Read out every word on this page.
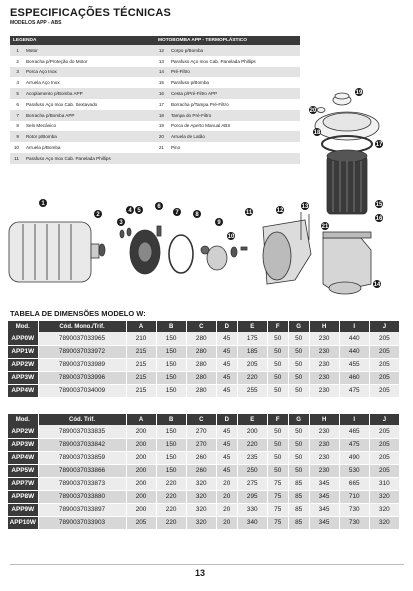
ESPECIFICAÇÕES TÉCNICAS
MODELOS APP - ABS
LEGENDA		MOTOBOMBA APP - TERMOPLÁSTICO	
1	Motor	12	Corpo p/Bomba
2	Borracha p/Proteção do Motor	13	Parafuso Aço Inox Cab. Panelada Phillips
3	Porca Aço Inox	14	Pré-Filtro
4	Arruela Aço Inox	15	Parafuso p/Bomba
5	Acoplamento p/Bomba APP	16	Cesta p/Pré-Filtro APP
6	Parafuso Aço Inox Cab. Sextavado	17	Borracha p/Tampa Pré-Filtro
7	Borracha p/Bomba APP	18	Tampa do Pré-Filtro
8	Selo Mecânico	19	Porca de Aperto Manual ABS
9	Rotor p/Bomba	20	Arruela de Latão
10	Arruela p/Bomba	21	Pino
11	Parafuso Aço Inox Cab. Panelada Phillips		
20
19
18
17
15
16
21
1
2
3
4 5
6
7	8
9
10
11	12
13
14
TABELA DE DIMENSÕES MODELO W:
Mod.	Cód. Mono./Trif.	A	B	C	D	E	F	G	H	I	J
APP0W	7890037033965	210	150	280	45	175	50	50	230	440	205
APP1W	7890037033972	215	150	280	45	185	50	50	230	440	205
APP2W	7890037033989	215	150	280	45	205	50	50	230	455	205
APP3W	7890037033996	215	150	280	45	220	50	50	230	460	205
APP4W	7890037034009	215	150	280	45	255	50	50	230	475	205
Mod.	Cód. Trif.	A	B	C	D	E	F	G	H	I	J
APP2W	7890037033835	200	150	270	45	200	50	50	230	465	205
APP3W	7890037033842	200	150	270	45	220	50	50	230	475	205
APP4W	7890037033859	200	150	260	45	235	50	50	230	490	205
APP5W	7890037033866	200	150	260	45	250	50	50	230	530	205
APP7W	7890037033873	200	220	320	20	275	75	85	345	665	310
APP8W	7890037033880	200	220	320	20	295	75	85	345	710	320
APP9W	7890037033897	200	220	320	20	330	75	85	345	730	320
APP10W	7890037033903	205	220	320	20	340	75	85	345	730	320
13
